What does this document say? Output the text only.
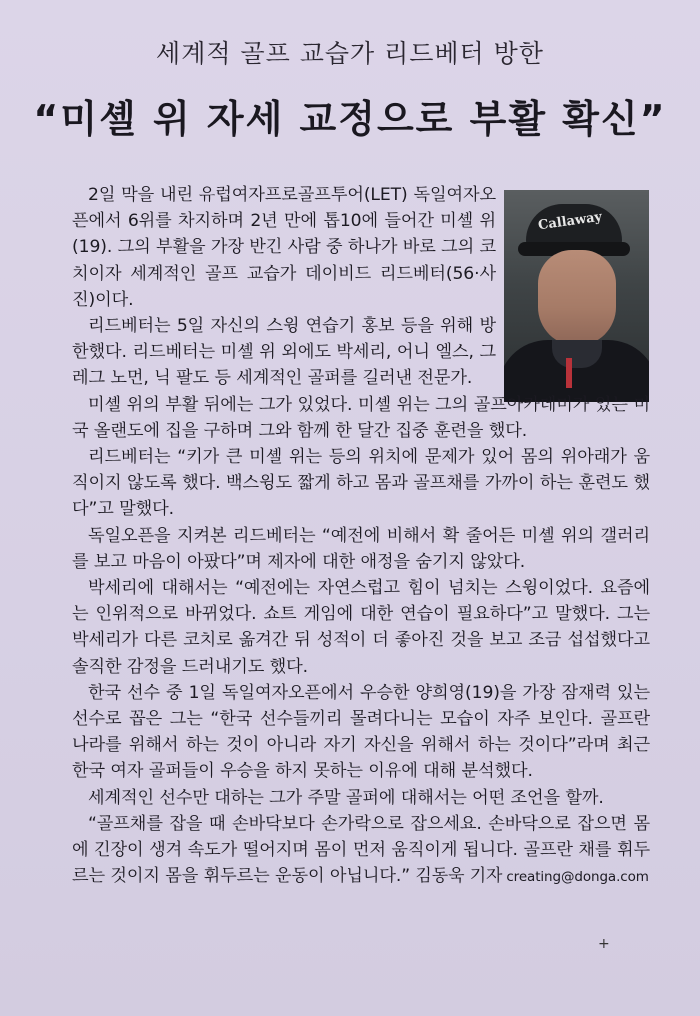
세계적 골프 교습가 리드베터 방한
“미셸 위 자세 교정으로 부활 확신”
Callaway

2일 막을 내린 유럽여자프로골프투어(LET) 독일여자오픈에서 6위를 차지하며 2년 만에 톱10에 들어간 미셸 위(19). 그의 부활을 가장 반긴 사람 중 하나가 바로 그의 코치이자 세계적인 골프 교습가 데이비드 리드베터(56·사진)이다.

리드베터는 5일 자신의 스윙 연습기 홍보 등을 위해 방한했다. 리드베터는 미셸 위 외에도 박세리, 어니 엘스, 그레그 노먼, 닉 팔도 등 세계적인 골퍼를 길러낸 전문가.

미셸 위의 부활 뒤에는 그가 있었다. 미셸 위는 그의 골프아카데미가 있는 미국 올랜도에 집을 구하며 그와 함께 한 달간 집중 훈련을 했다.

리드베터는 “키가 큰 미셸 위는 등의 위치에 문제가 있어 몸의 위아래가 움직이지 않도록 했다. 백스윙도 짧게 하고 몸과 골프채를 가까이 하는 훈련도 했다”고 말했다.

독일오픈을 지켜본 리드베터는 “예전에 비해서 확 줄어든 미셸 위의 갤러리를 보고 마음이 아팠다”며 제자에 대한 애정을 숨기지 않았다.

박세리에 대해서는 “예전에는 자연스럽고 힘이 넘치는 스윙이었다. 요즘에는 인위적으로 바뀌었다. 쇼트 게임에 대한 연습이 필요하다”고 말했다. 그는 박세리가 다른 코치로 옮겨간 뒤 성적이 더 좋아진 것을 보고 조금 섭섭했다고 솔직한 감정을 드러내기도 했다.

한국 선수 중 1일 독일여자오픈에서 우승한 양희영(19)을 가장 잠재력 있는 선수로 꼽은 그는 “한국 선수들끼리 몰려다니는 모습이 자주 보인다. 골프란 나라를 위해서 하는 것이 아니라 자기 자신을 위해서 하는 것이다”라며 최근 한국 여자 골퍼들이 우승을 하지 못하는 이유에 대해 분석했다.

세계적인 선수만 대하는 그가 주말 골퍼에 대해서는 어떤 조언을 할까.

“골프채를 잡을 때 손바닥보다 손가락으로 잡으세요. 손바닥으로 잡으면 몸에 긴장이 생겨 속도가 떨어지며 몸이 먼저 움직이게 됩니다. 골프란 채를 휘두르는 것이지 몸을 휘두르는 운동이 아닙니다.” 김동욱 기자 creating@donga.com

+
